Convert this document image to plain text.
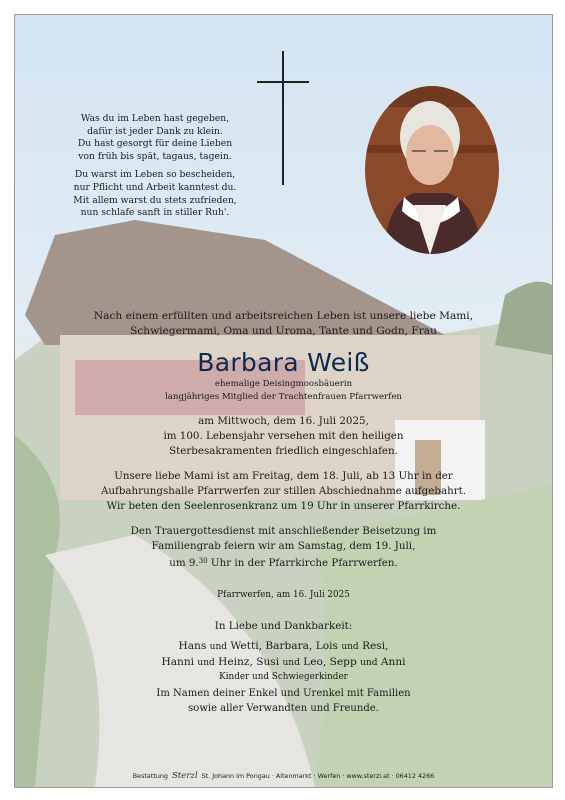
Was du im Leben hast gegeben,
dafür ist jeder Dank zu klein.
Du hast gesorgt für deine Lieben
von früh bis spät, tagaus, tagein.
Du warst im Leben so bescheiden,
nur Pflicht und Arbeit kanntest du.
Mit allem warst du stets zufrieden,
nun schlafe sanft in stiller Ruh'.
Nach einem erfüllten und arbeitsreichen Leben ist unsere liebe Mami,
Schwiegermami, Oma und Uroma, Tante und Godn, Frau
Barbara Weiß
ehemalige Deisingmoosbäuerin
langjähriges Mitglied der Trachtenfrauen Pfarrwerfen
am Mittwoch, dem 16. Juli 2025,
im 100. Lebensjahr versehen mit den heiligen
Sterbesakramenten friedlich eingeschlafen.
Unsere liebe Mami ist am Freitag, dem 18. Juli, ab 13 Uhr in der
Aufbahrungshalle Pfarrwerfen zur stillen Abschiednahme aufgebahrt.
Wir beten den Seelenrosenkranz um 19 Uhr in unserer Pfarrkirche.
Den Trauergottesdienst mit anschließender Beisetzung im
Familiengrab feiern wir am Samstag, dem 19. Juli,
um 9.30 Uhr in der Pfarrkirche Pfarrwerfen.
Pfarrwerfen, am 16. Juli 2025
In Liebe und Dankbarkeit:
Hans und Wetti, Barbara, Lois und Resi,
Hanni und Heinz, Susi und Leo, Sepp und Anni
Kinder und Schwiegerkinder
Im Namen deiner Enkel und Urenkel mit Familien
sowie aller Verwandten und Freunde.
Bestattung Sterzl St. Johann im Pongau · Altenmarkt · Werfen · www.sterzl.at · 06412 4266
